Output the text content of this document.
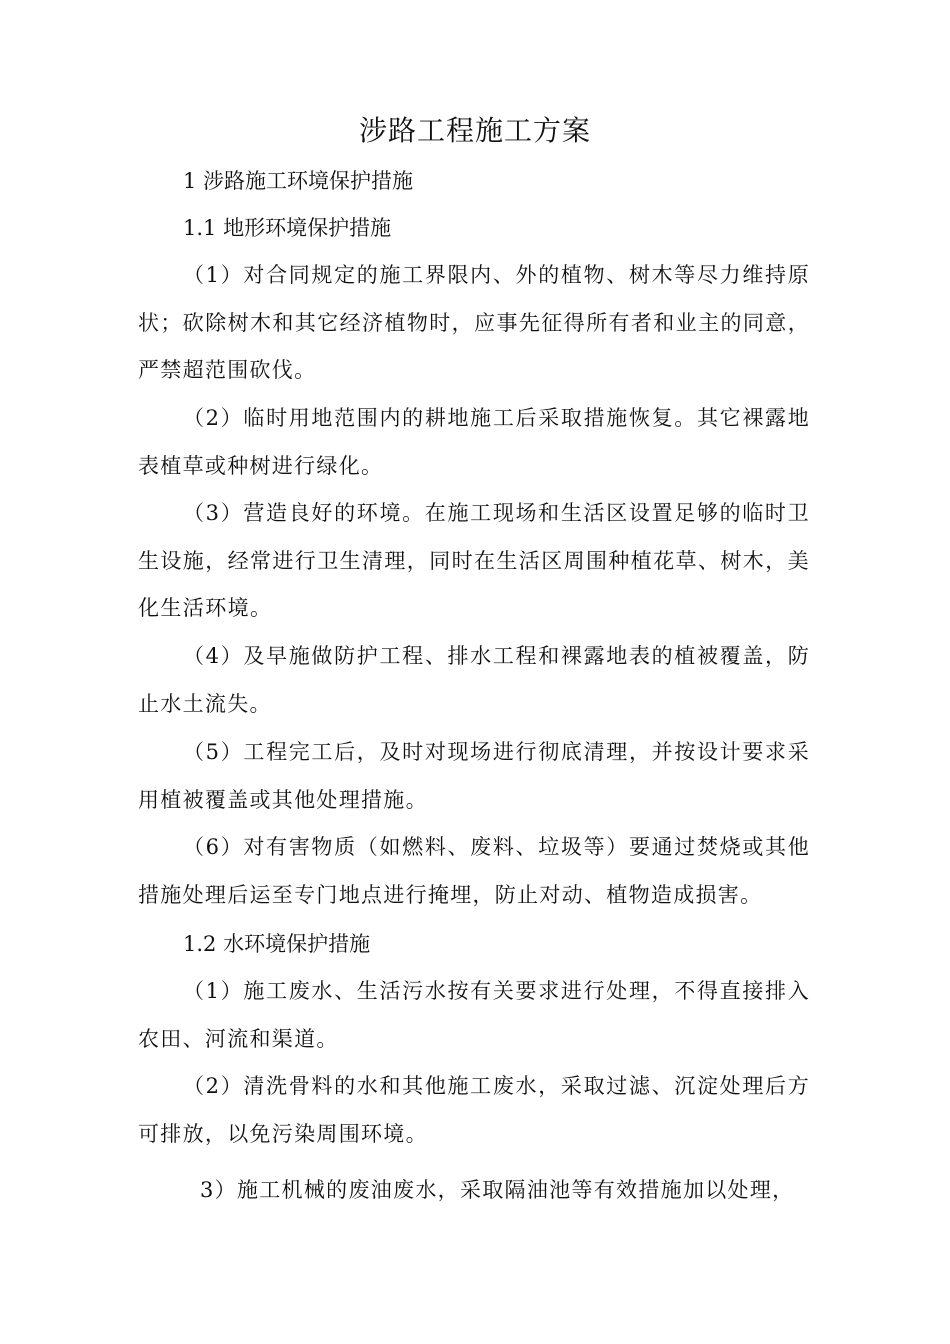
涉路工程施工方案
1 涉路施工环境保护措施
1.1 地形环境保护措施
（1）对合同规定的施工界限内、外的植物、树木等尽力维持原状；砍除树木和其它经济植物时，应事先征得所有者和业主的同意，严禁超范围砍伐。
（2）临时用地范围内的耕地施工后采取措施恢复。其它裸露地表植草或种树进行绿化。
（3）营造良好的环境。在施工现场和生活区设置足够的临时卫生设施，经常进行卫生清理，同时在生活区周围种植花草、树木，美化生活环境。
（4）及早施做防护工程、排水工程和裸露地表的植被覆盖，防止水土流失。
（5）工程完工后，及时对现场进行彻底清理，并按设计要求采用植被覆盖或其他处理措施。
（6）对有害物质（如燃料、废料、垃圾等）要通过焚烧或其他措施处理后运至专门地点进行掩埋，防止对动、植物造成损害。
1.2 水环境保护措施
（1）施工废水、生活污水按有关要求进行处理，不得直接排入农田、河流和渠道。
（2）清洗骨料的水和其他施工废水，采取过滤、沉淀处理后方可排放，以免污染周围环境。
3）施工机械的废油废水，采取隔油池等有效措施加以处理，
